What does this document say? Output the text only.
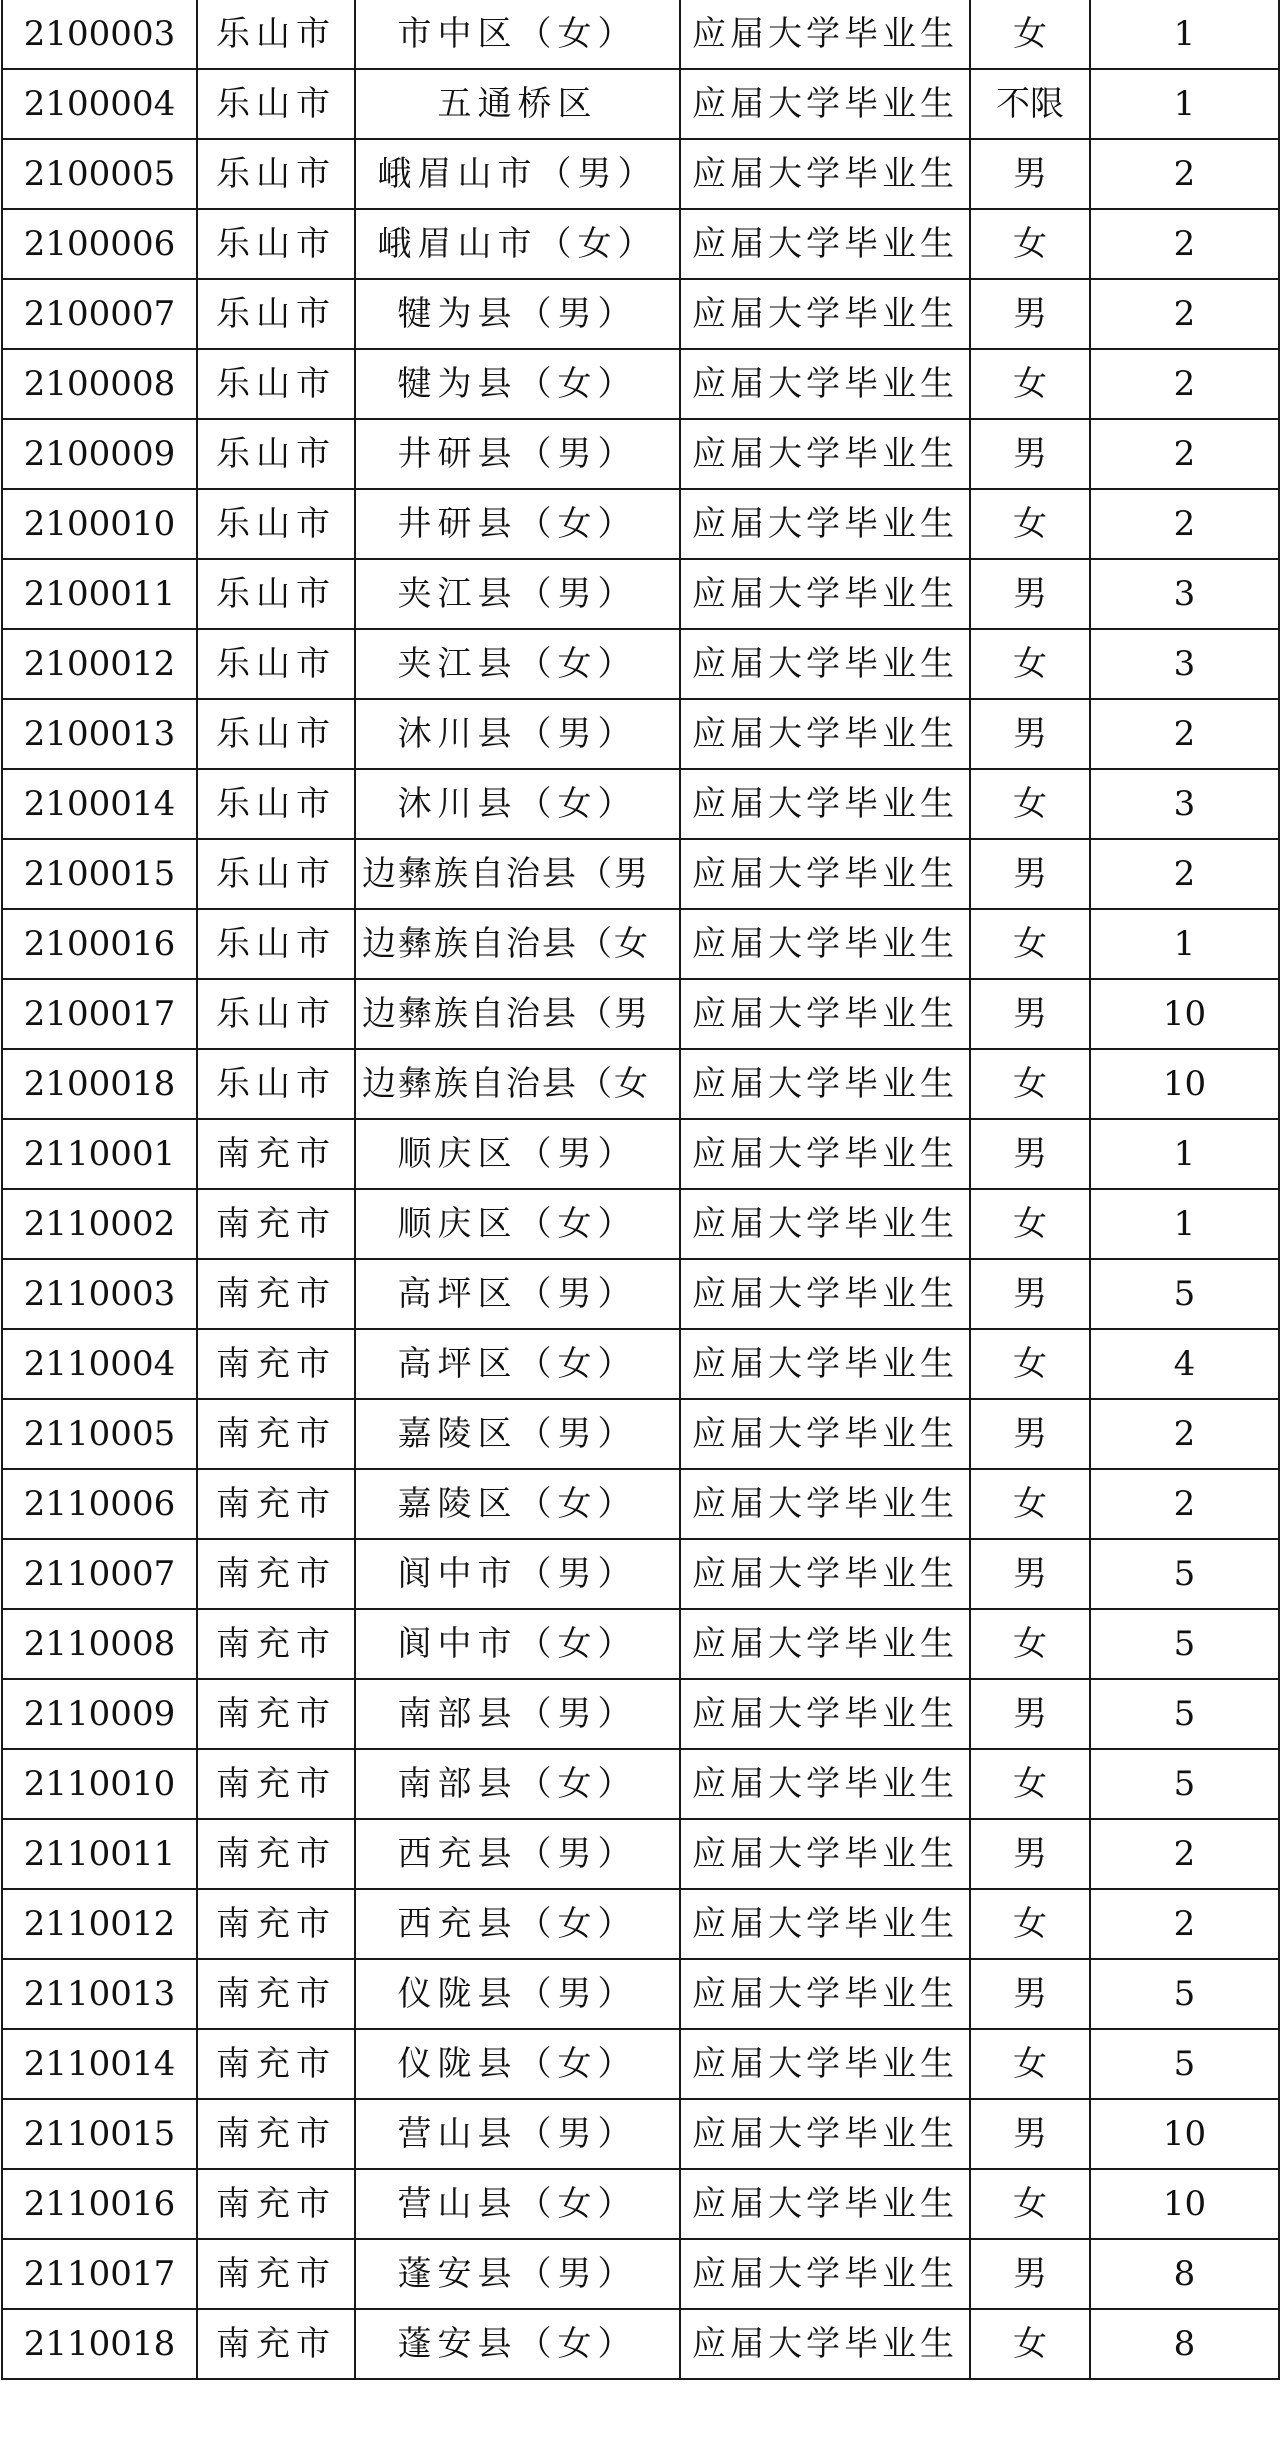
2100003	乐山市	市中区（女）	应届大学毕业生	女	1
2100004	乐山市	五通桥区	应届大学毕业生	不限	1
2100005	乐山市	峨眉山市（男）	应届大学毕业生	男	2
2100006	乐山市	峨眉山市（女）	应届大学毕业生	女	2
2100007	乐山市	犍为县（男）	应届大学毕业生	男	2
2100008	乐山市	犍为县（女）	应届大学毕业生	女	2
2100009	乐山市	井研县（男）	应届大学毕业生	男	2
2100010	乐山市	井研县（女）	应届大学毕业生	女	2
2100011	乐山市	夹江县（男）	应届大学毕业生	男	3
2100012	乐山市	夹江县（女）	应届大学毕业生	女	3
2100013	乐山市	沐川县（男）	应届大学毕业生	男	2
2100014	乐山市	沐川县（女）	应届大学毕业生	女	3
2100015	乐山市	边彝族自治县（男	应届大学毕业生	男	2
2100016	乐山市	边彝族自治县（女	应届大学毕业生	女	1
2100017	乐山市	边彝族自治县（男	应届大学毕业生	男	10
2100018	乐山市	边彝族自治县（女	应届大学毕业生	女	10
2110001	南充市	顺庆区（男）	应届大学毕业生	男	1
2110002	南充市	顺庆区（女）	应届大学毕业生	女	1
2110003	南充市	高坪区（男）	应届大学毕业生	男	5
2110004	南充市	高坪区（女）	应届大学毕业生	女	4
2110005	南充市	嘉陵区（男）	应届大学毕业生	男	2
2110006	南充市	嘉陵区（女）	应届大学毕业生	女	2
2110007	南充市	阆中市（男）	应届大学毕业生	男	5
2110008	南充市	阆中市（女）	应届大学毕业生	女	5
2110009	南充市	南部县（男）	应届大学毕业生	男	5
2110010	南充市	南部县（女）	应届大学毕业生	女	5
2110011	南充市	西充县（男）	应届大学毕业生	男	2
2110012	南充市	西充县（女）	应届大学毕业生	女	2
2110013	南充市	仪陇县（男）	应届大学毕业生	男	5
2110014	南充市	仪陇县（女）	应届大学毕业生	女	5
2110015	南充市	营山县（男）	应届大学毕业生	男	10
2110016	南充市	营山县（女）	应届大学毕业生	女	10
2110017	南充市	蓬安县（男）	应届大学毕业生	男	8
2110018	南充市	蓬安县（女）	应届大学毕业生	女	8
